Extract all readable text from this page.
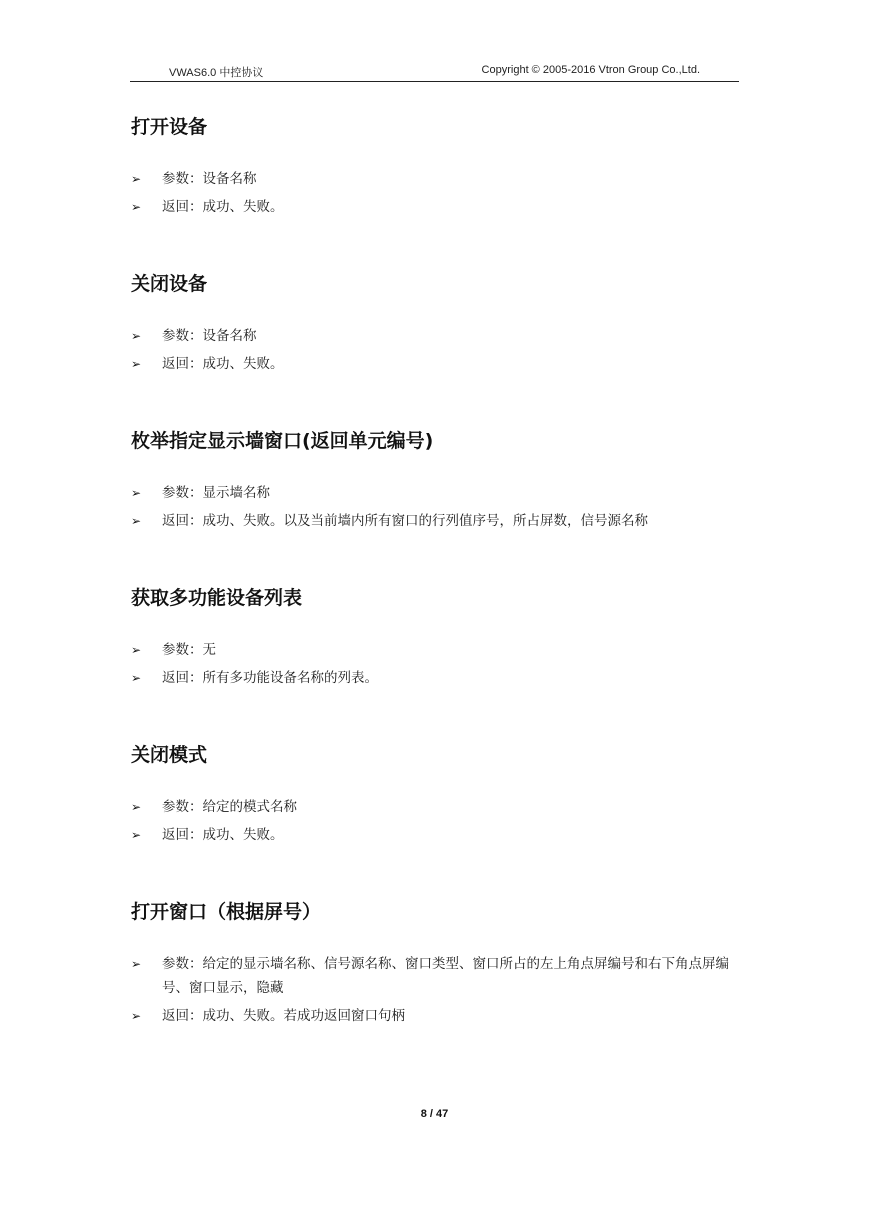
VWAS6.0 中控协议	Copyright © 2005-2016 Vtron Group Co.,Ltd.
打开设备
➢ 参数：设备名称
➢ 返回：成功、失败。
关闭设备
➢ 参数：设备名称
➢ 返回：成功、失败。
枚举指定显示墙窗口(返回单元编号)
➢ 参数：显示墙名称
➢ 返回：成功、失败。以及当前墙内所有窗口的行列值序号，所占屏数，信号源名称
获取多功能设备列表
➢ 参数：无
➢ 返回：所有多功能设备名称的列表。
关闭模式
➢ 参数：给定的模式名称
➢ 返回：成功、失败。
打开窗口（根据屏号）
➢ 参数：给定的显示墙名称、信号源名称、窗口类型、窗口所占的左上角点屏编号和右下角点屏编号、窗口显示，隐藏
➢ 返回：成功、失败。若成功返回窗口句柄
8 / 47
